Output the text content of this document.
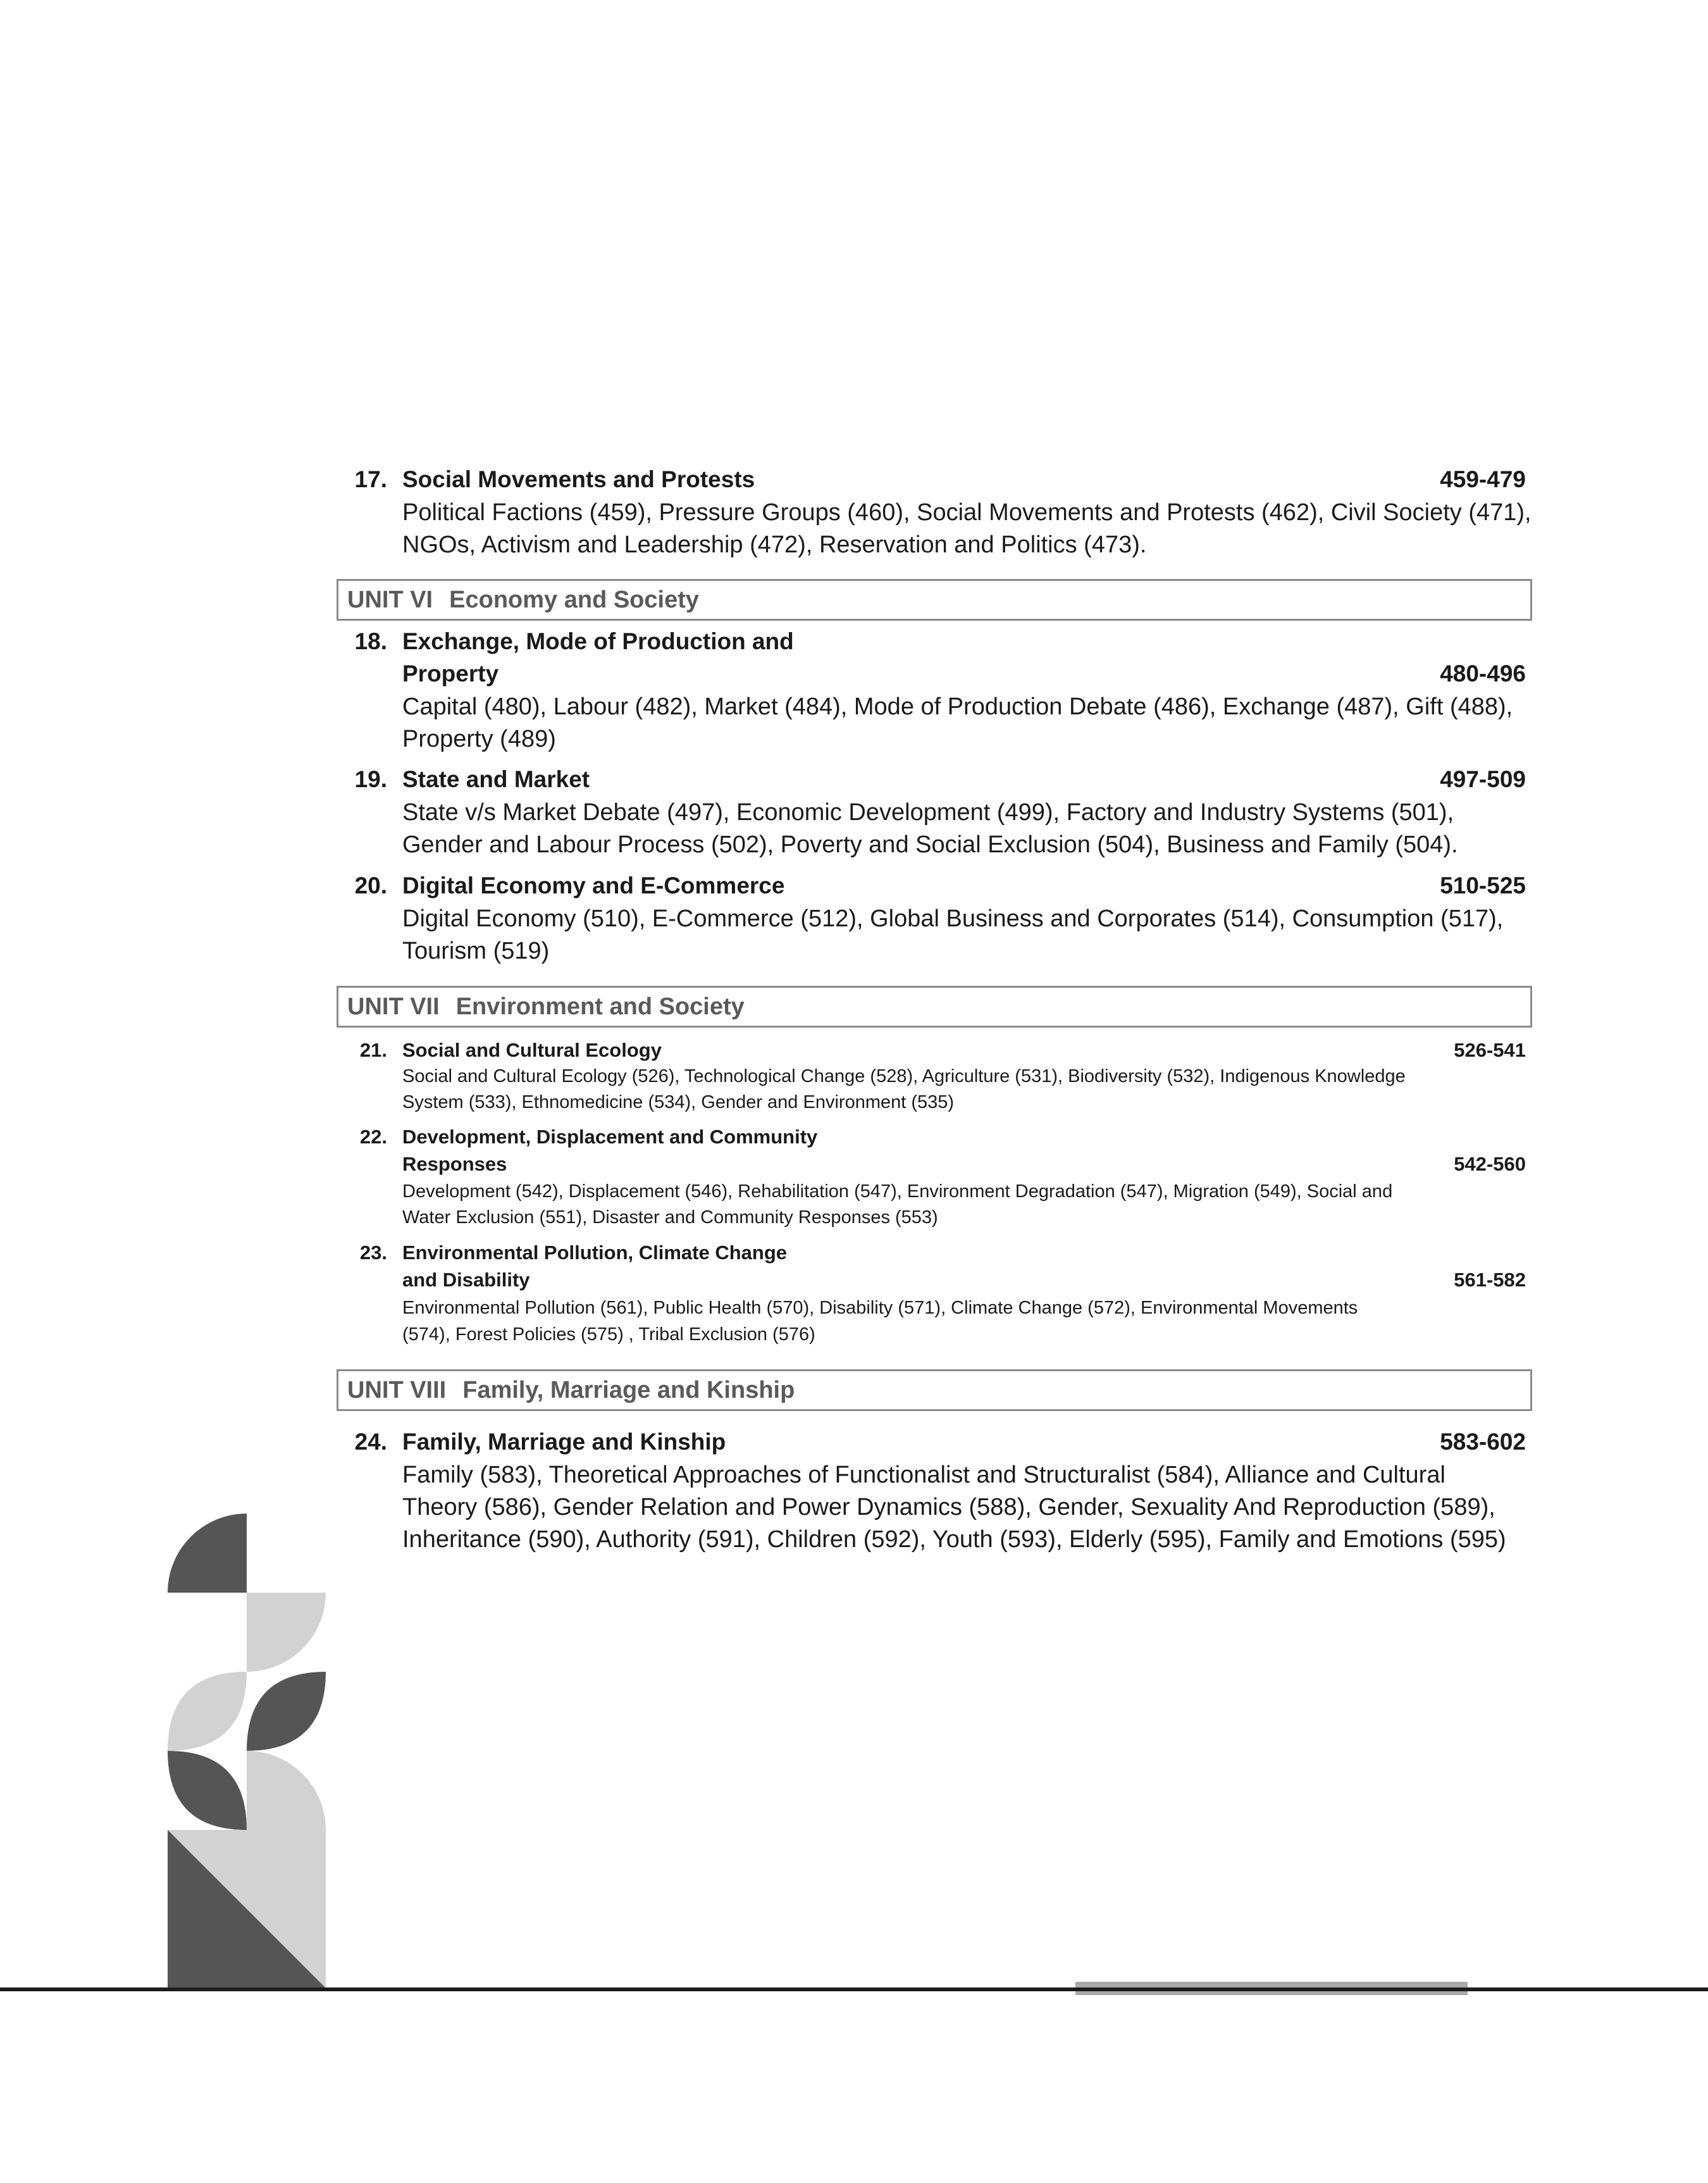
17. Social Movements and Protests	459-479
Political Factions (459), Pressure Groups (460), Social Movements and Protests (462), Civil Society (471),
NGOs, Activism and Leadership (472), Reservation and Politics (473).
UNIT VI Economy and Society
18. Exchange, Mode of Production and
Property	480-496
Capital (480), Labour (482), Market (484), Mode of Production Debate (486), Exchange (487), Gift (488),
Property (489)
19. State and Market	497-509
State v/s Market Debate (497), Economic Development (499), Factory and Industry Systems (501),
Gender and Labour Process (502), Poverty and Social Exclusion (504), Business and Family (504).
20. Digital Economy and E-Commerce	510-525
Digital Economy (510), E-Commerce (512), Global Business and Corporates (514), Consumption (517),
Tourism (519)
UNIT VII Environment and Society
21. Social and Cultural Ecology	526-541
Social and Cultural Ecology (526), Technological Change (528), Agriculture (531), Biodiversity (532), Indigenous Knowledge
System (533), Ethnomedicine (534), Gender and Environment (535)
22. Development, Displacement and Community
Responses	542-560
Development (542), Displacement (546), Rehabilitation (547), Environment Degradation (547), Migration (549), Social and
Water Exclusion (551), Disaster and Community Responses (553)
23. Environmental Pollution, Climate Change
and Disability	561-582
Environmental Pollution (561), Public Health (570), Disability (571), Climate Change (572), Environmental Movements
(574), Forest Policies (575) , Tribal Exclusion (576)
UNIT VIII Family, Marriage and Kinship
24. Family, Marriage and Kinship	583-602
Family (583), Theoretical Approaches of Functionalist and Structuralist (584), Alliance and Cultural
Theory (586), Gender Relation and Power Dynamics (588), Gender, Sexuality And Reproduction (589),
Inheritance (590), Authority (591), Children (592), Youth (593), Elderly (595), Family and Emotions (595)
